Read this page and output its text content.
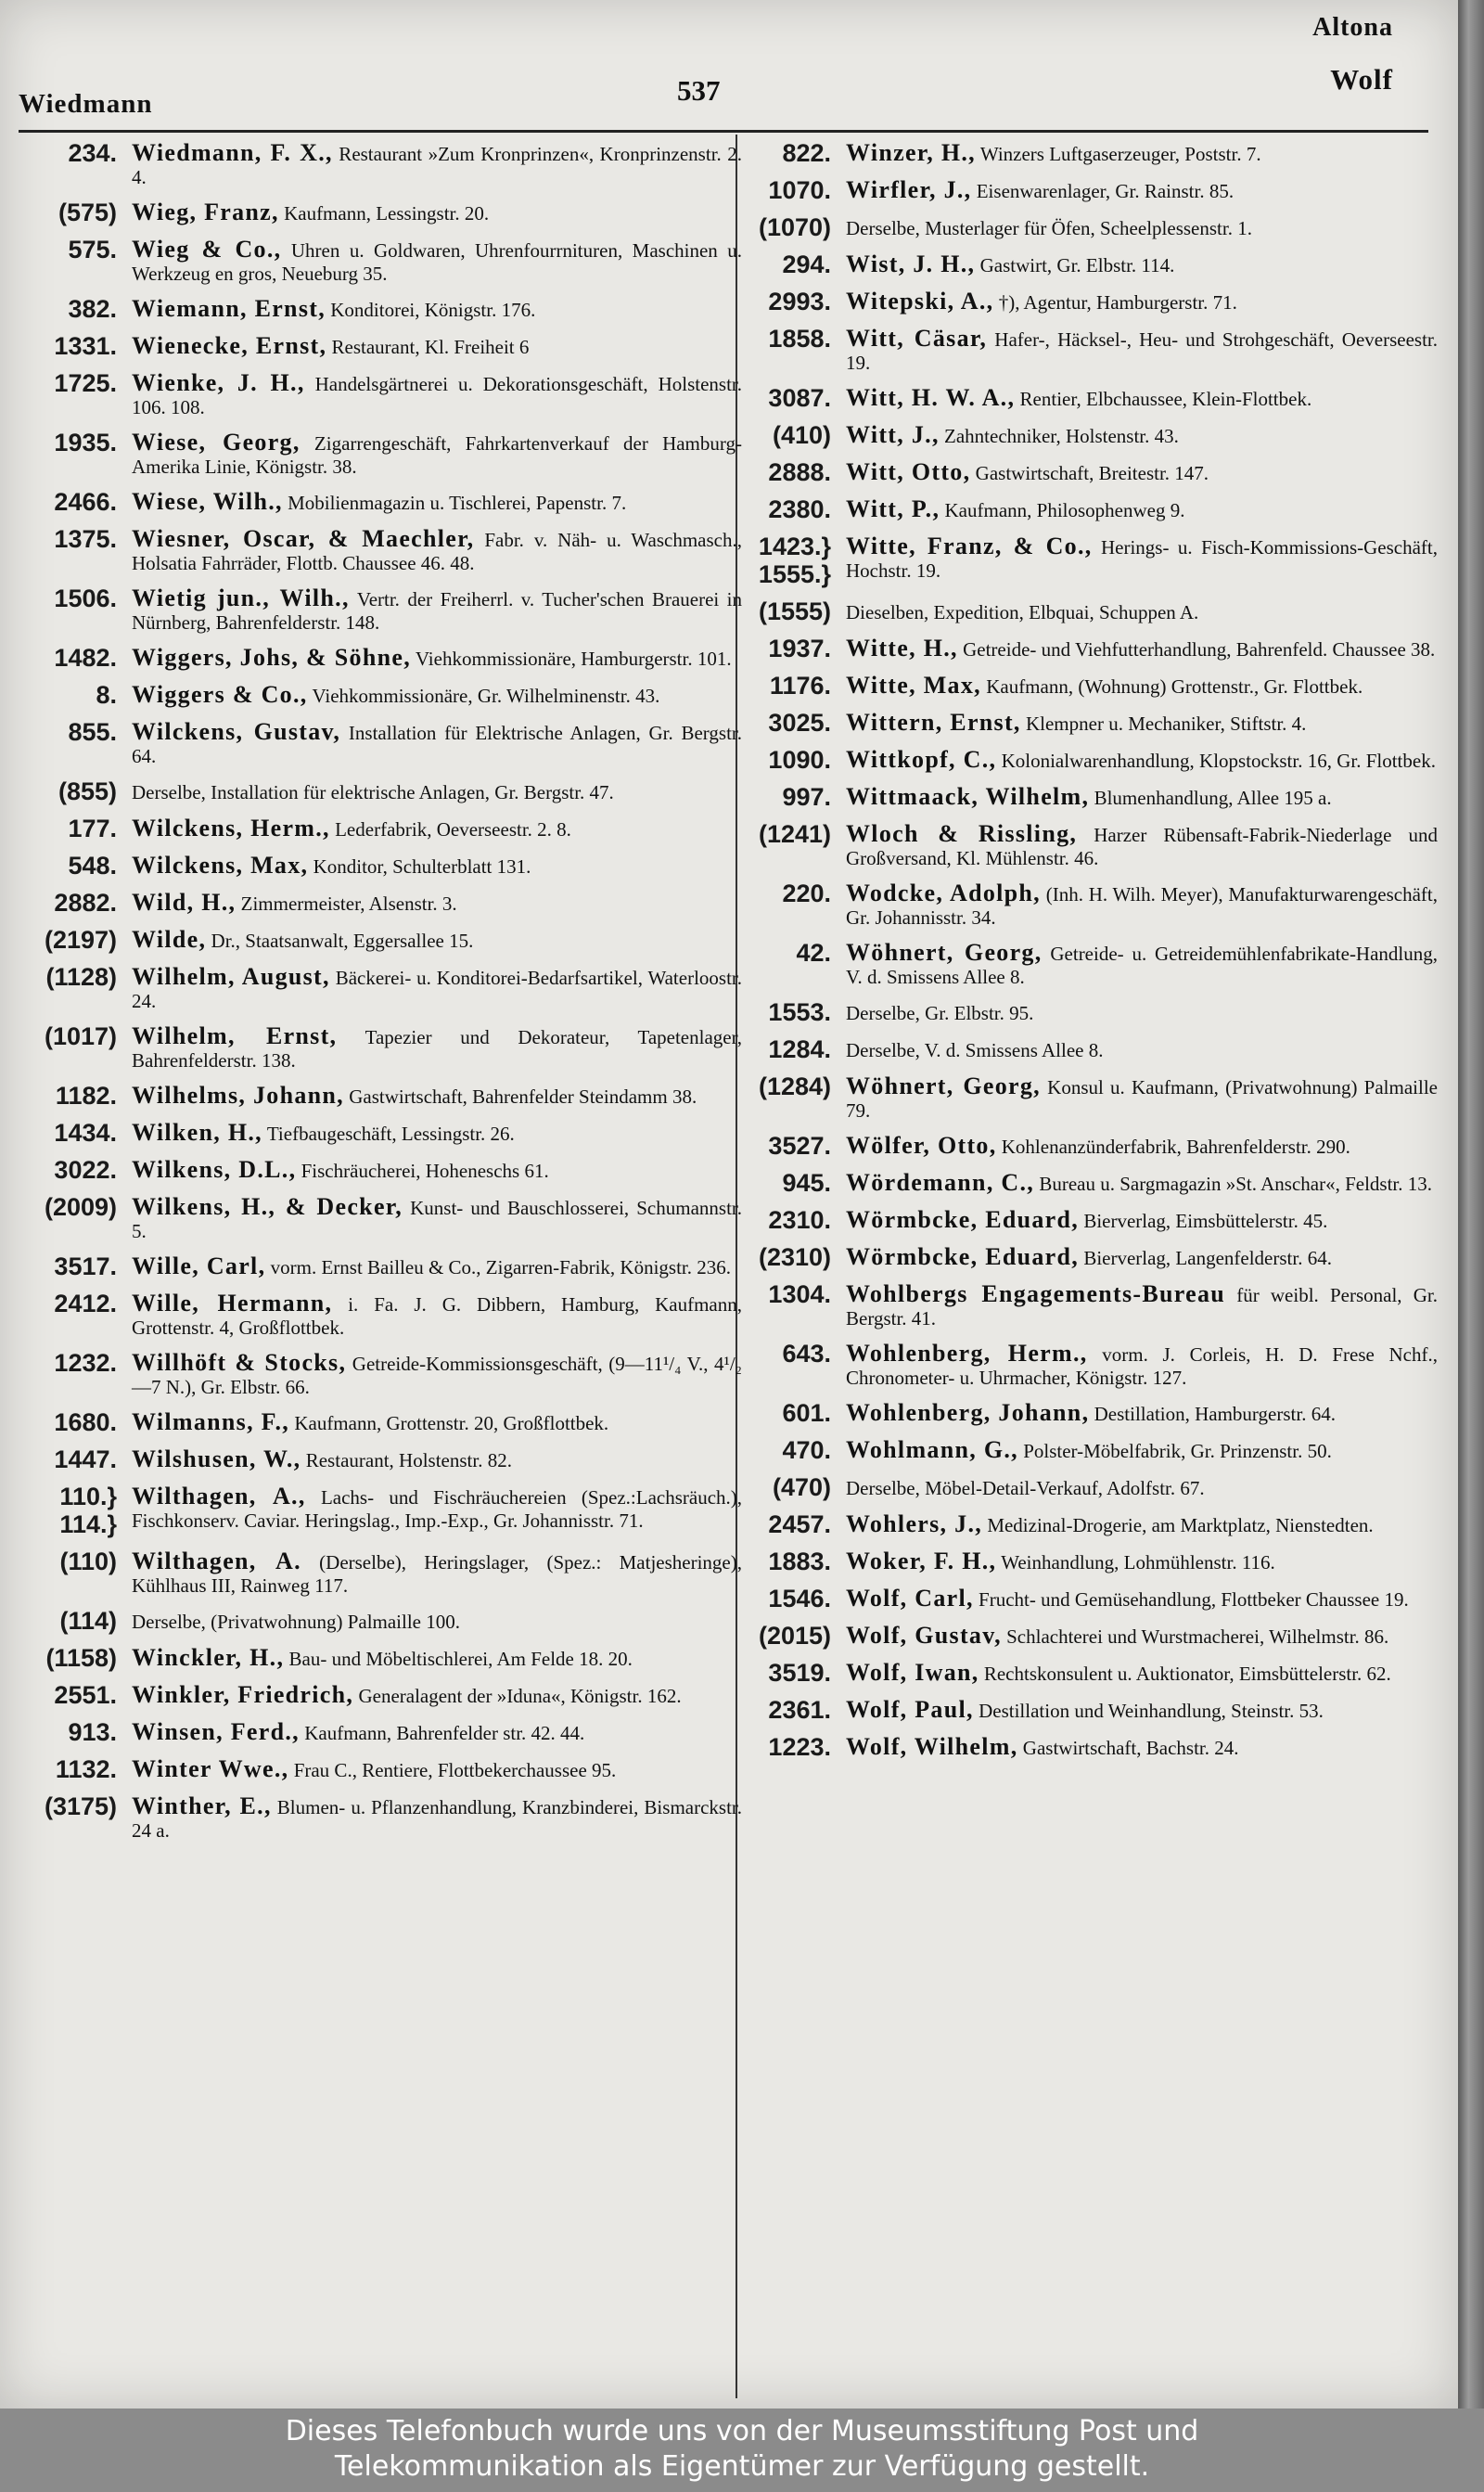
Wiedmann	537
Altona
Wolf
234. Wiedmann, F. X., Restaurant »Zum Kronprinzen«, Kronprinzenstr. 2. 4.
(575) Wieg, Franz, Kaufmann, Lessingstr. 20.
575. Wieg & Co., Uhren u. Goldwaren, Uhrenfourrnituren, Maschinen u. Werkzeug en gros, Neueburg 35.
382. Wiemann, Ernst, Konditorei, Königstr. 176.
1331. Wienecke, Ernst, Restaurant, Kl. Freiheit 6
1725. Wienke, J. H., Handelsgärtnerei u. Dekorationsgeschäft, Holstenstr. 106. 108.
1935. Wiese, Georg, Zigarrengeschäft, Fahrkartenverkauf der Hamburg-Amerika Linie, Königstr. 38.
2466. Wiese, Wilh., Mobilienmagazin u. Tischlerei, Papenstr. 7.
1375. Wiesner, Oscar, & Maechler, Fabr. v. Näh- u. Waschmasch., Holsatia Fahrräder, Flottb. Chaussee 46. 48.
1506. Wietig jun., Wilh., Vertr. der Freiherrl. v. Tucher'schen Brauerei in Nürnberg, Bahrenfelderstr. 148.
1482. Wiggers, Johs, & Söhne, Viehkommissionäre, Hamburgerstr. 101.
8. Wiggers & Co., Viehkommissionäre, Gr. Wilhelminenstr. 43.
855. Wilckens, Gustav, Installation für Elektrische Anlagen, Gr. Bergstr. 64.
(855) Derselbe, Installation für elektrische Anlagen, Gr. Bergstr. 47.
177. Wilckens, Herm., Lederfabrik, Oeverseestr. 2. 8.
548. Wilckens, Max, Konditor, Schulterblatt 131.
2882. Wild, H., Zimmermeister, Alsenstr. 3.
(2197) Wilde, Dr., Staatsanwalt, Eggersallee 15.
(1128) Wilhelm, August, Bäckerei- u. Konditorei-Bedarfsartikel, Waterloostr. 24.
(1017) Wilhelm, Ernst, Tapezier und Dekorateur, Tapetenlager, Bahrenfelderstr. 138.
1182. Wilhelms, Johann, Gastwirtschaft, Bahrenfelder Steindamm 38.
1434. Wilken, H., Tiefbaugeschäft, Lessingstr. 26.
3022. Wilkens, D.L., Fischräucherei, Hoheneschs 61.
(2009) Wilkens, H., & Decker, Kunst- und Bauschlosserei, Schumannstr. 5.
3517. Wille, Carl, vorm. Ernst Bailleu & Co., Zigarren-Fabrik, Königstr. 236.
2412. Wille, Hermann, i. Fa. J. G. Dibbern, Hamburg, Kaufmann, Grottenstr. 4, Großflottbek.
1232. Willhöft & Stocks, Getreide-Kommissionsgeschäft, (9—11¹/₄ V., 4¹/₂—7 N.), Gr. Elbstr. 66.
1680. Wilmanns, F., Kaufmann, Grottenstr. 20, Großflottbek.
1447. Wilshusen, W., Restaurant, Holstenstr. 82.
110.} 114.}
Wilthagen, A., Lachs- und Fischräuchereien (Spez.:Lachsräuch.), Fischkonserv. Caviar. Heringslag., Imp.-Exp., Gr. Johannisstr. 71.
(110) Wilthagen, A. (Derselbe), Heringslager, (Spez.: Matjesheringe), Kühlhaus III, Rainweg 117.
(114) Derselbe, (Privatwohnung) Palmaille 100.
(1158) Winckler, H., Bau- und Möbeltischlerei, Am Felde 18. 20.
2551. Winkler, Friedrich, Generalagent der »Iduna«, Königstr. 162.
913. Winsen, Ferd., Kaufmann, Bahrenfelder str. 42. 44.
1132. Winter Wwe., Frau C., Rentiere, Flottbekerchaussee 95.
(3175) Winther, E., Blumen- u. Pflanzenhandlung, Kranzbinderei, Bismarckstr. 24 a.
822. Winzer, H., Winzers Luftgaserzeuger, Poststr. 7.
1070. Wirfler, J., Eisenwarenlager, Gr. Rainstr. 85.
(1070) Derselbe, Musterlager für Öfen, Scheelplessenstr. 1.
294. Wist, J. H., Gastwirt, Gr. Elbstr. 114.
2993. Witepski, A., †), Agentur, Hamburgerstr. 71.
1858. Witt, Cäsar, Hafer-, Häcksel-, Heu- und Strohgeschäft, Oeverseestr. 19.
3087. Witt, H. W. A., Rentier, Elbchaussee, Klein-Flottbek.
(410) Witt, J., Zahntechniker, Holstenstr. 43.
2888. Witt, Otto, Gastwirtschaft, Breitestr. 147.
2380. Witt, P., Kaufmann, Philosophenweg 9.
1423.} 1555.}
Witte, Franz, & Co., Herings- u. Fisch-Kommissions-Geschäft, Hochstr. 19.
(1555) Dieselben, Expedition, Elbquai, Schuppen A.
1937. Witte, H., Getreide- und Viehfutterhandlung, Bahrenfeld. Chaussee 38.
1176. Witte, Max, Kaufmann, (Wohnung) Grottenstr., Gr. Flottbek.
3025. Wittern, Ernst, Klempner u. Mechaniker, Stiftstr. 4.
1090. Wittkopf, C., Kolonialwarenhandlung, Klopstockstr. 16, Gr. Flottbek.
997. Wittmaack, Wilhelm, Blumenhandlung, Allee 195 a.
(1241) Wloch & Rissling, Harzer Rübensaft-Fabrik-Niederlage und Großversand, Kl. Mühlenstr. 46.
220. Wodcke, Adolph, (Inh. H. Wilh. Meyer), Manufakturwarengeschäft, Gr. Johannisstr. 34.
42. Wöhnert, Georg, Getreide- u. Getreidemühlenfabrikate-Handlung, V. d. Smissens Allee 8.
1553. Derselbe, Gr. Elbstr. 95.
1284. Derselbe, V. d. Smissens Allee 8.
(1284) Wöhnert, Georg, Konsul u. Kaufmann, (Privatwohnung) Palmaille 79.
3527. Wölfer, Otto, Kohlenanzünderfabrik, Bahrenfelderstr. 290.
945. Wördemann, C., Bureau u. Sargmagazin »St. Anschar«, Feldstr. 13.
2310. Wörmbcke, Eduard, Bierverlag, Eimsbüttelerstr. 45.
(2310) Wörmbcke, Eduard, Bierverlag, Langenfelderstr. 64.
1304. Wohlbergs Engagements-Bureau für weibl. Personal, Gr. Bergstr. 41.
643. Wohlenberg, Herm., vorm. J. Corleis, H. D. Frese Nchf., Chronometer- u. Uhrmacher, Königstr. 127.
601. Wohlenberg, Johann, Destillation, Hamburgerstr. 64.
470. Wohlmann, G., Polster-Möbelfabrik, Gr. Prinzenstr. 50.
(470) Derselbe, Möbel-Detail-Verkauf, Adolfstr. 67.
2457. Wohlers, J., Medizinal-Drogerie, am Marktplatz, Nienstedten.
1883. Woker, F. H., Weinhandlung, Lohmühlenstr. 116.
1546. Wolf, Carl, Frucht- und Gemüsehandlung, Flottbeker Chaussee 19.
(2015) Wolf, Gustav, Schlachterei und Wurstmacherei, Wilhelmstr. 86.
3519. Wolf, Iwan, Rechtskonsulent u. Auktionator, Eimsbüttelerstr. 62.
2361. Wolf, Paul, Destillation und Weinhandlung, Steinstr. 53.
1223. Wolf, Wilhelm, Gastwirtschaft, Bachstr. 24.
Dieses Telefonbuch wurde uns von der Museumsstiftung Post und
Telekommunikation als Eigentümer zur Verfügung gestellt.
